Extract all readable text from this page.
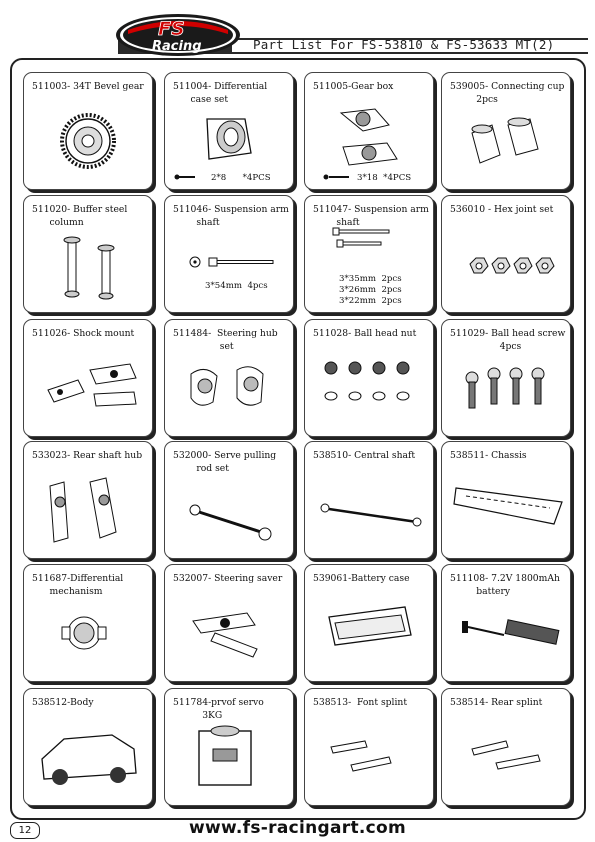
FS
Racing	Part List For FS-53810 & FS-53633 MT(2)
511003- 34T Bevel gear	511004- Differential
case set
2*8      *4PCS
511005-Gear box
3*18  *4PCS
539005- Connecting cup
2pcs
511020- Buffer steel
column
511046- Suspension arm
shaft
3*54mm  4pcs
511047- Suspension arm
shaft
3*35mm  2pcs
3*26mm  2pcs
3*22mm  2pcs
536010 - Hex joint set
511026- Shock mount	511484-  Steering hub
set
511028- Ball head nut	511029- Ball head screw
4pcs
533023- Rear shaft hub	532000- Serve pulling
rod set
538510- Central shaft	538511- Chassis
511687-Differential
mechanism
532007- Steering saver	539061-Battery case	511108- 7.2V 1800mAh
battery
538512-Body	511784-prvof servo
3KG
538513-  Font splint	538514- Rear splint
12	www.fs-racingart.com
